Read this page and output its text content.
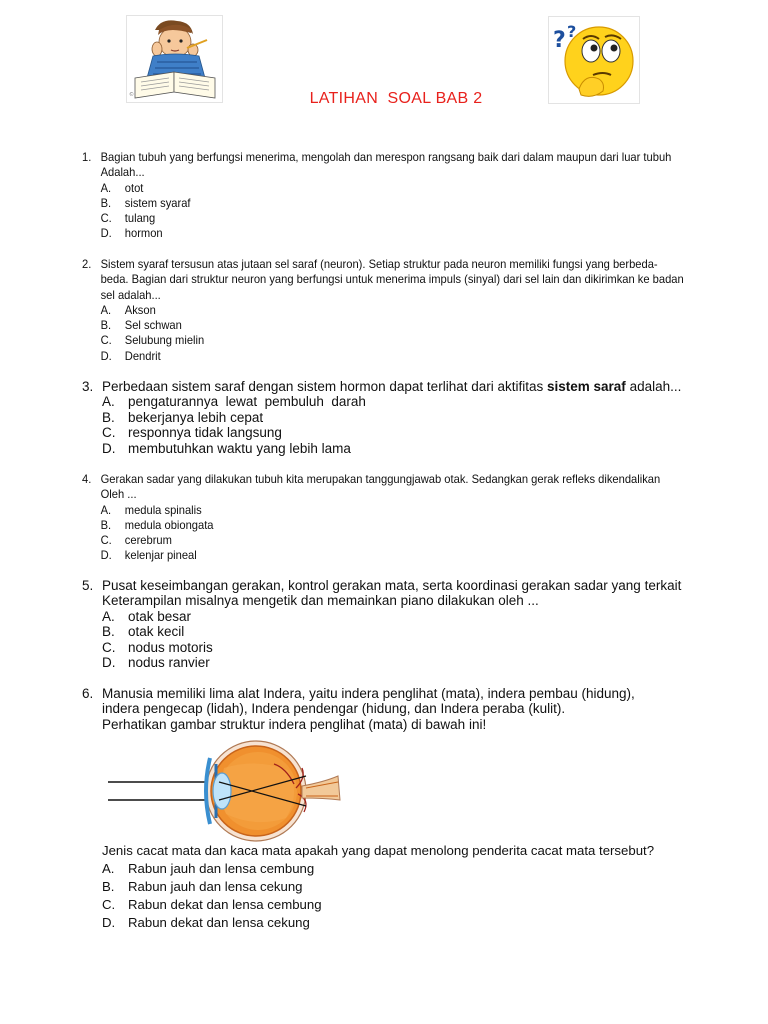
©
? ?
LATIHAN  SOAL BAB 2
1. Bagian tubuh yang berfungsi menerima, mengolah dan merespon rangsang baik dari dalam maupun dari luar tubuh
Adalah...
A.	otot
B.	sistem syaraf
C.	tulang
D.	hormon
2. Sistem syaraf tersusun atas jutaan sel saraf (neuron). Setiap struktur pada neuron memiliki fungsi yang berbeda-
beda. Bagian dari struktur neuron yang berfungsi untuk menerima impuls (sinyal) dari sel lain dan dikirimkan ke badan
sel adalah...
A.	Akson
B.	Sel schwan
C.	Selubung mielin
D.	Dendrit
3. Perbedaan sistem saraf dengan sistem hormon dapat terlihat dari aktifitas sistem saraf adalah...
A. pengaturannya  lewat  pembuluh  darah
B. bekerjanya lebih cepat
C. responnya tidak langsung
D. membutuhkan waktu yang lebih lama
4. Gerakan sadar yang dilakukan tubuh kita merupakan tanggungjawab otak. Sedangkan gerak refleks dikendalikan
Oleh ...
A.	medula spinalis
B.	medula obiongata
C.	cerebrum
D.	kelenjar pineal
5. Pusat keseimbangan gerakan, kontrol gerakan mata, serta koordinasi gerakan sadar yang terkait
Keterampilan misalnya mengetik dan memainkan piano dilakukan oleh ...
A. otak besar
B. otak kecil
C. nodus motoris
D. nodus ranvier
6. Manusia memiliki lima alat Indera, yaitu indera penglihat (mata), indera pembau (hidung),
indera pengecap (lidah), Indera pendengar (hidung, dan Indera peraba (kulit).
Perhatikan gambar struktur indera penglihat (mata) di bawah ini!
Jenis cacat mata dan kaca mata apakah yang dapat menolong penderita cacat mata tersebut?
A.	Rabun jauh dan lensa cembung
B.	Rabun jauh dan lensa cekung
C. Rabun dekat dan lensa cembung
D. Rabun dekat dan lensa cekung
